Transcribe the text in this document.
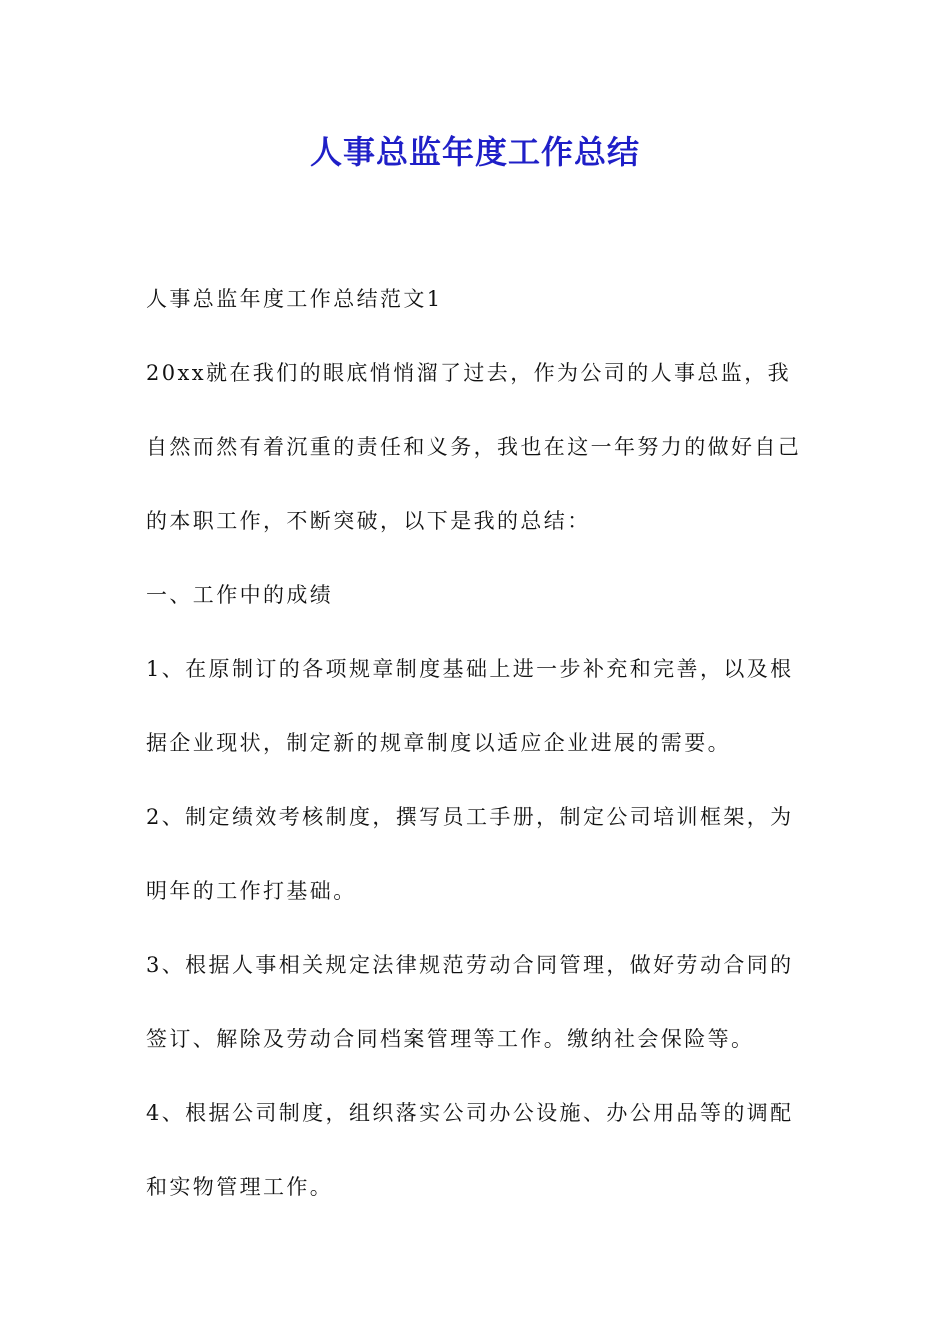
人事总监年度工作总结

人事总监年度工作总结范文1

20xx就在我们的眼底悄悄溜了过去，作为公司的人事总监，我自然而然有着沉重的责任和义务，我也在这一年努力的做好自己的本职工作，不断突破，以下是我的总结：

一、工作中的成绩

1、在原制订的各项规章制度基础上进一步补充和完善，以及根据企业现状，制定新的规章制度以适应企业进展的需要。

2、制定绩效考核制度，撰写员工手册，制定公司培训框架，为明年的工作打基础。

3、根据人事相关规定法律规范劳动合同管理，做好劳动合同的签订、解除及劳动合同档案管理等工作。缴纳社会保险等。

4、根据公司制度，组织落实公司办公设施、办公用品等的调配和实物管理工作。
